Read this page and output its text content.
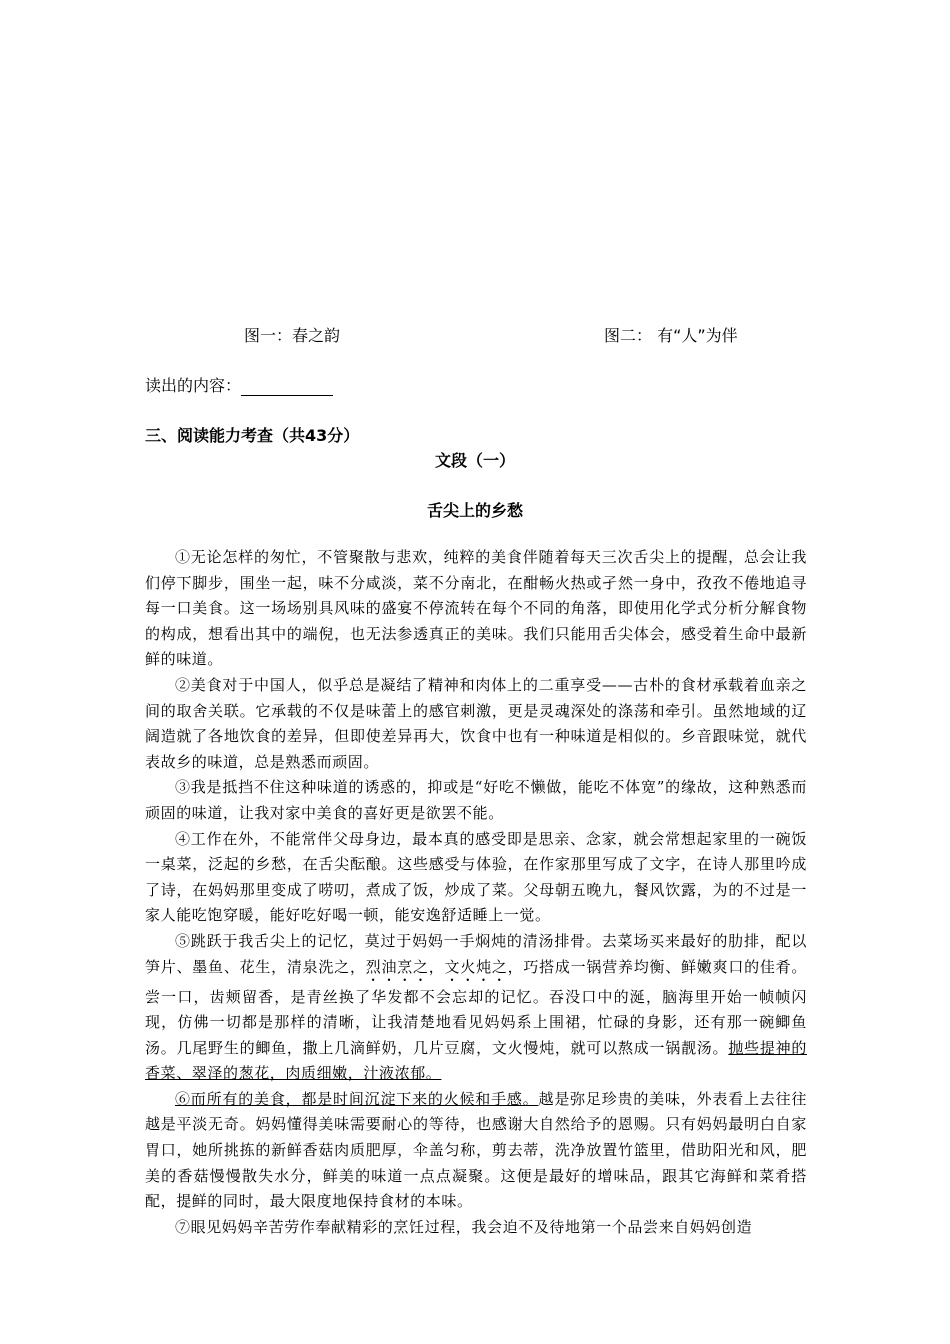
图一：春之韵	图二： 有“人”为伴
读出的内容：
三、阅读能力考查（共43分）
文段（一）
舌尖上的乡愁

①无论怎样的匆忙，不管聚散与悲欢，纯粹的美食伴随着每天三次舌尖上的提醒，总会让我们停下脚步，围坐一起，味不分咸淡，菜不分南北，在酣畅火热或孑然一身中，孜孜不倦地追寻每一口美食。这一场场别具风味的盛宴不停流转在每个不同的角落，即使用化学式分析分解食物的构成，想看出其中的端倪，也无法参透真正的美味。我们只能用舌尖体会，感受着生命中最新鲜的味道。

②美食对于中国人，似乎总是凝结了精神和肉体上的二重享受——古朴的食材承载着血亲之间的取舍关联。它承载的不仅是味蕾上的感官刺激，更是灵魂深处的涤荡和牵引。虽然地域的辽阔造就了各地饮食的差异，但即使差异再大，饮食中也有一种味道是相似的。乡音跟味觉，就代表故乡的味道，总是熟悉而顽固。

③我是抵挡不住这种味道的诱惑的，抑或是“好吃不懒做，能吃不体宽”的缘故，这种熟悉而顽固的味道，让我对家中美食的喜好更是欲罢不能。

④工作在外，不能常伴父母身边，最本真的感受即是思亲、念家，就会常想起家里的一碗饭一桌菜，泛起的乡愁，在舌尖酝酿。这些感受与体验，在作家那里写成了文字，在诗人那里吟成了诗，在妈妈那里变成了唠叨，煮成了饭，炒成了菜。父母朝五晚九，餐风饮露，为的不过是一家人能吃饱穿暖，能好吃好喝一顿，能安逸舒适睡上一觉。

⑤跳跃于我舌尖上的记忆，莫过于妈妈一手焖炖的清汤排骨。去菜场买来最好的肋排，配以笋片、墨鱼、花生，清泉洗之，烈油烹之，文火炖之，巧搭成一锅营养均衡、鲜嫩爽口的佳肴。尝一口，齿颊留香，是青丝换了华发都不会忘却的记忆。吞没口中的涎，脑海里开始一帧帧闪现，仿佛一切都是那样的清晰，让我清楚地看见妈妈系上围裙，忙碌的身影，还有那一碗鲫鱼汤。几尾野生的鲫鱼，撒上几滴鲜奶，几片豆腐，文火慢炖，就可以熬成一锅靓汤。抛些提神的香菜、翠泽的葱花，肉质细嫩，汁液浓郁。

⑥而所有的美食，都是时间沉淀下来的火候和手感。越是弥足珍贵的美味，外表看上去往往越是平淡无奇。妈妈懂得美味需要耐心的等待，也感谢大自然给予的恩赐。只有妈妈最明白自家胃口，她所挑拣的新鲜香菇肉质肥厚，伞盖匀称，剪去蒂，洗净放置竹篮里，借助阳光和风，肥美的香菇慢慢散失水分，鲜美的味道一点点凝聚。这便是最好的增味品，跟其它海鲜和菜肴搭配，提鲜的同时，最大限度地保持食材的本味。

⑦眼见妈妈辛苦劳作奉献精彩的烹饪过程，我会迫不及待地第一个品尝来自妈妈创造
